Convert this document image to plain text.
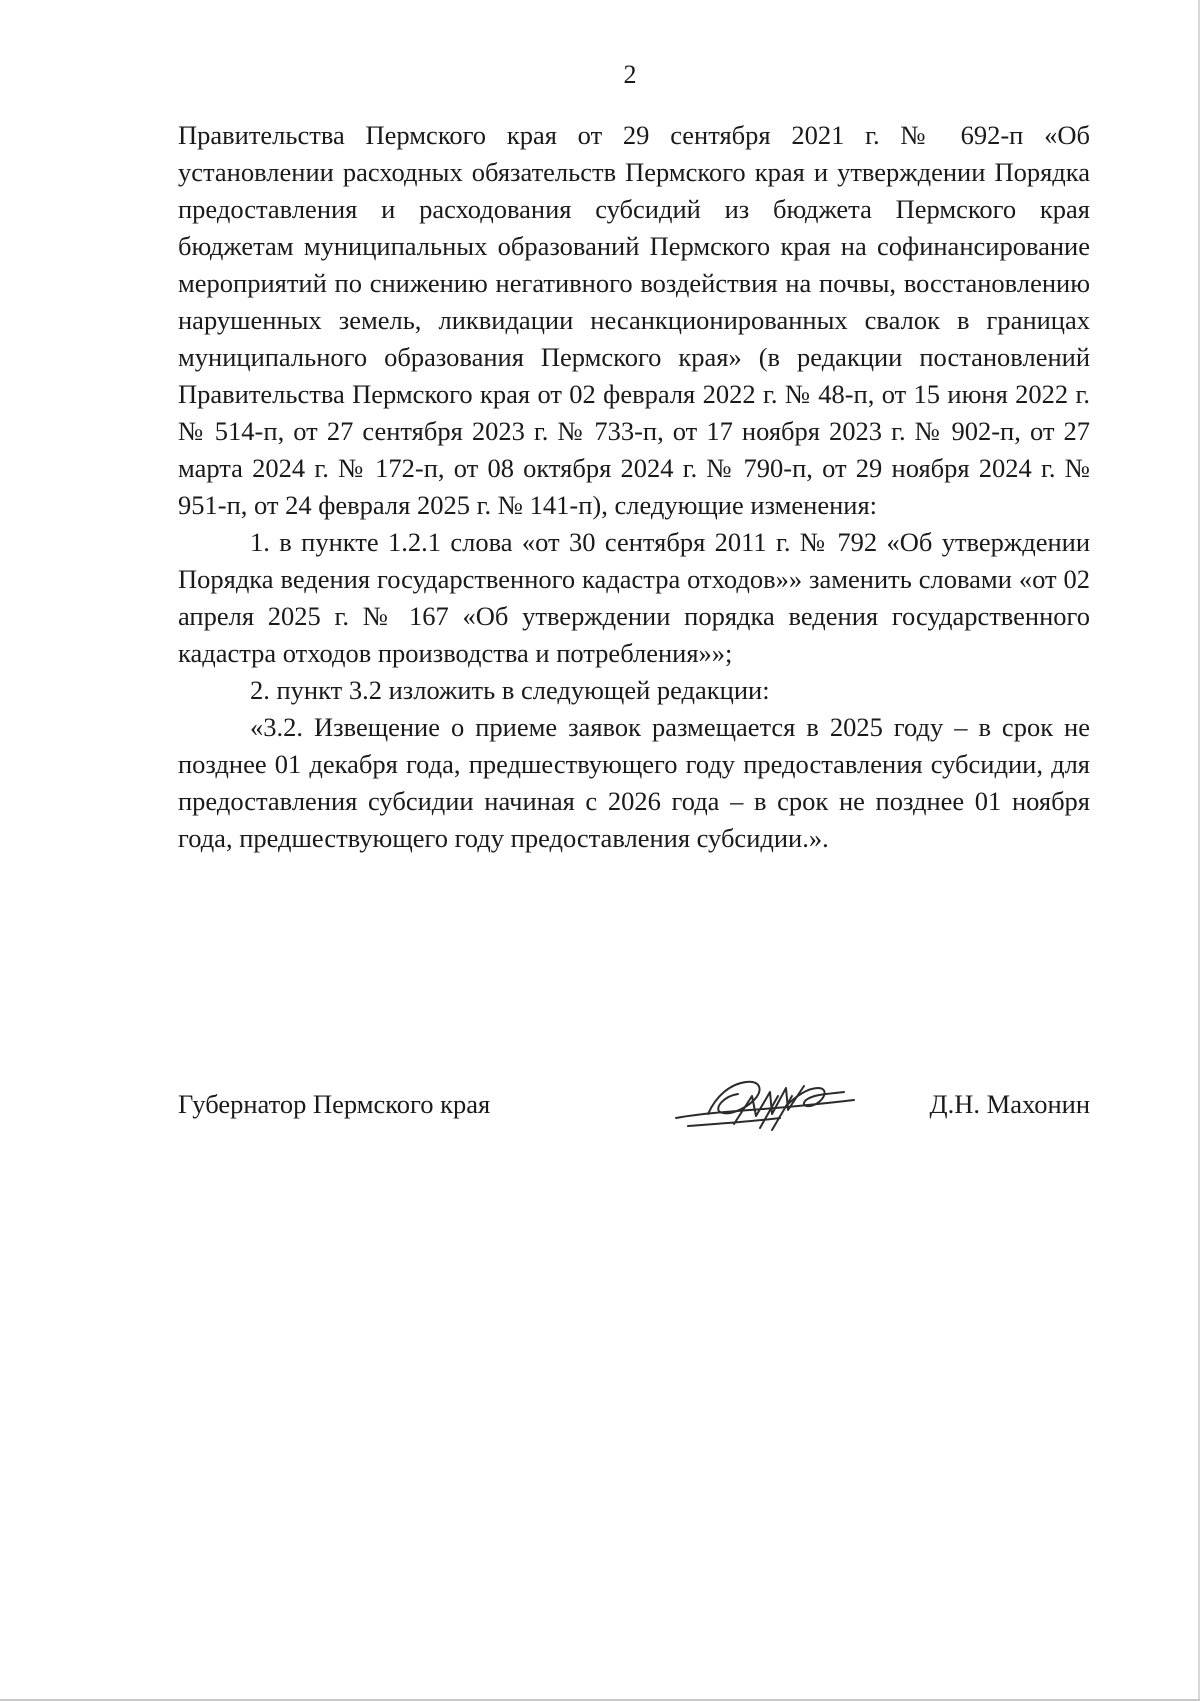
2

Правительства Пермского края от 29 сентября 2021 г. № 692-п «Об установлении расходных обязательств Пермского края и утверждении Порядка предоставления и расходования субсидий из бюджета Пермского края бюджетам муниципальных образований Пермского края на софинансирование мероприятий по снижению негативного воздействия на почвы, восстановлению нарушенных земель, ликвидации несанкционированных свалок в границах муниципального образования Пермского края» (в редакции постановлений Правительства Пермского края от 02 февраля 2022 г. № 48-п, от 15 июня 2022 г. № 514-п, от 27 сентября 2023 г. № 733-п, от 17 ноября 2023 г. № 902-п, от 27 марта 2024 г. № 172-п, от 08 октября 2024 г. № 790-п, от 29 ноября 2024 г. № 951-п, от 24 февраля 2025 г. № 141-п), следующие изменения:

1. в пункте 1.2.1 слова «от 30 сентября 2011 г. № 792 «Об утверждении Порядка ведения государственного кадастра отходов»» заменить словами «от 02 апреля 2025 г. № 167 «Об утверждении порядка ведения государственного кадастра отходов производства и потребления»»;

2. пункт 3.2 изложить в следующей редакции:

«3.2. Извещение о приеме заявок размещается в 2025 году – в срок не позднее 01 декабря года, предшествующего году предоставления субсидии, для предоставления субсидии начиная с 2026 года – в срок не позднее 01 ноября года, предшествующего году предоставления субсидии.».

Губернатор Пермского края	Д.Н. Махонин
